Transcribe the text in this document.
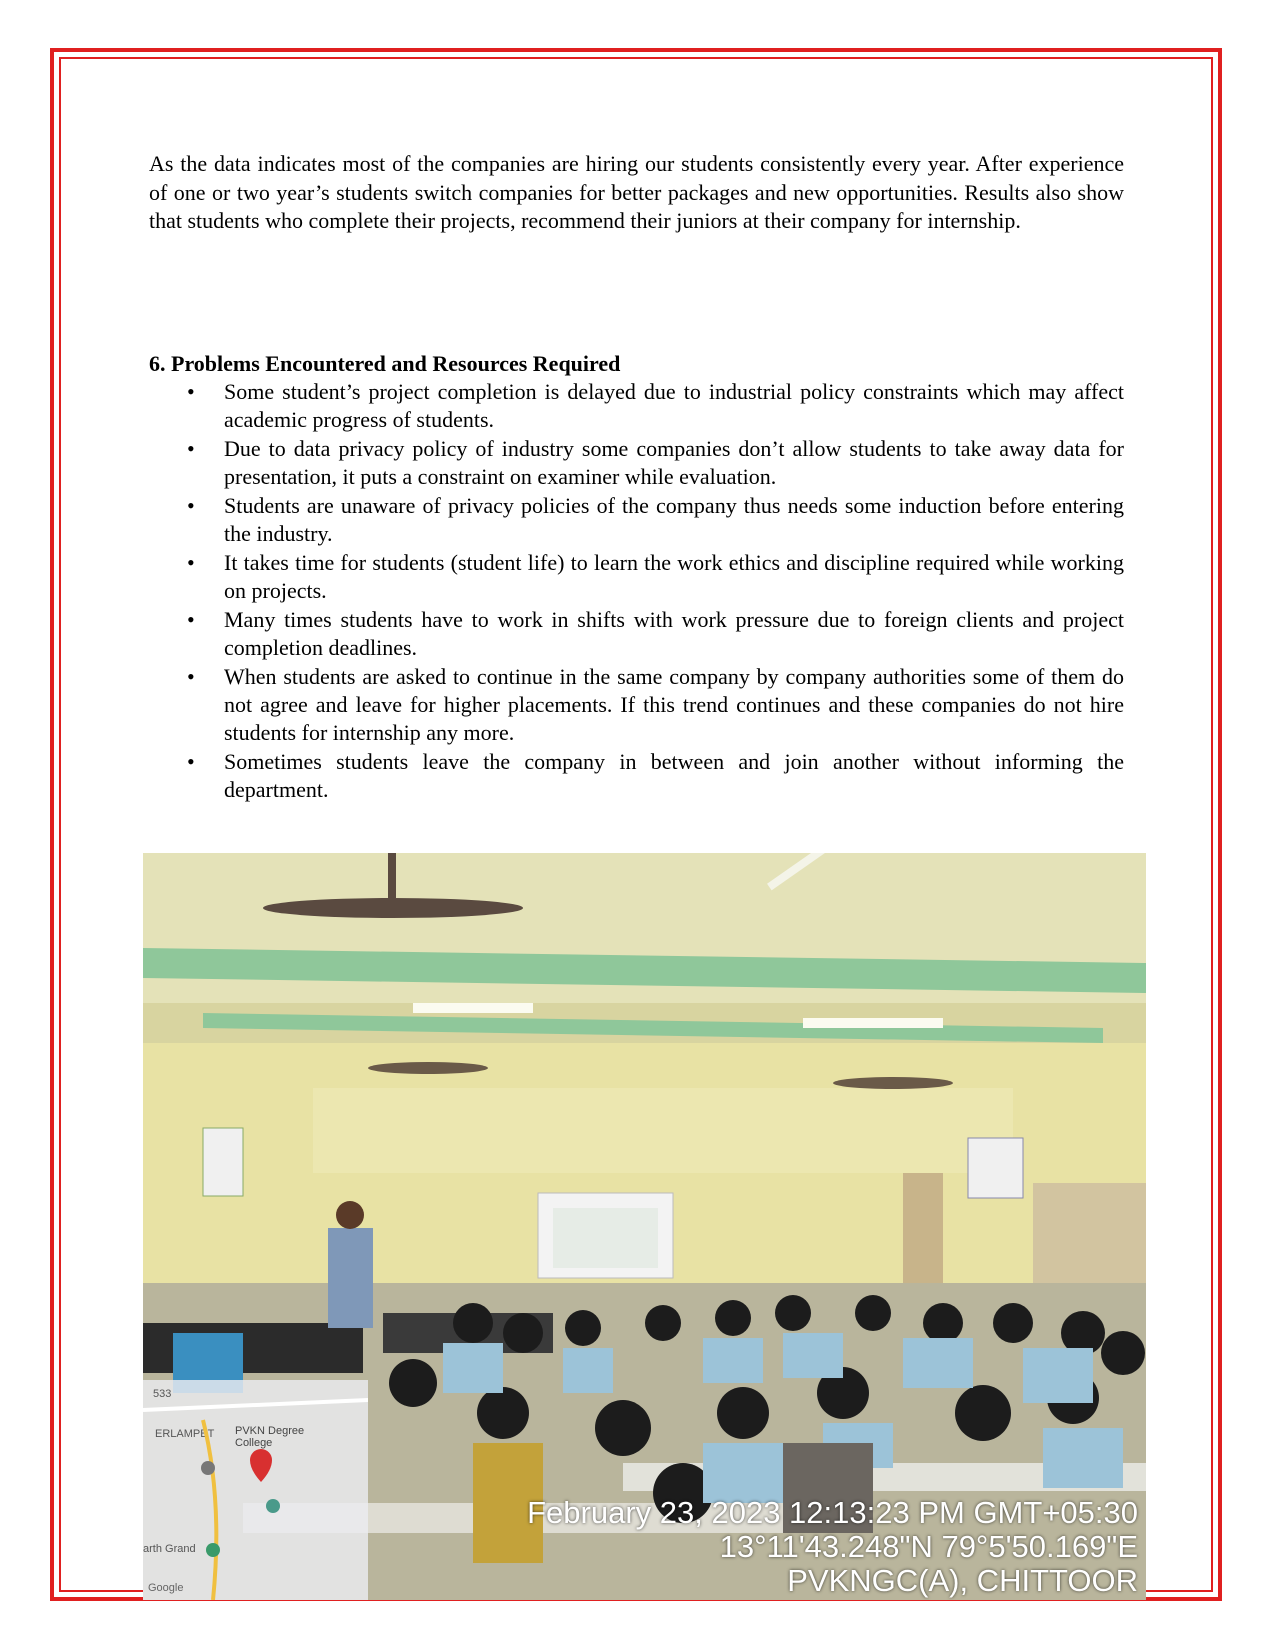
As the data indicates most of the companies are hiring our students consistently every year. After experience of one or two year’s students switch companies for better packages and new opportunities. Results also show that students who complete their projects, recommend their juniors at their company for internship.

6. Problems Encountered and Resources Required

• Some student’s project completion is delayed due to industrial policy constraints which may affect academic progress of students.
• Due to data privacy policy of industry some companies don’t allow students to take away data for presentation, it puts a constraint on examiner while evaluation.
• Students are unaware of privacy policies of the company thus needs some induction before entering the industry.
• It takes time for students (student life) to learn the work ethics and discipline required while working on projects.
• Many times students have to work in shifts with work pressure due to foreign clients and project completion deadlines.
• When students are asked to continue in the same company by company authorities some of them do not agree and leave for higher placements. If this trend continues and these companies do not hire students for internship any more.
• Sometimes students leave the company in between and join another without informing the department.
533
ERLAMPET PVKN Degree College
arth Grand
Google
February 23, 2023 12:13:23 PM GMT+05:30
13°11'43.248"N 79°5'50.169"E
PVKNGC(A), CHITTOOR
